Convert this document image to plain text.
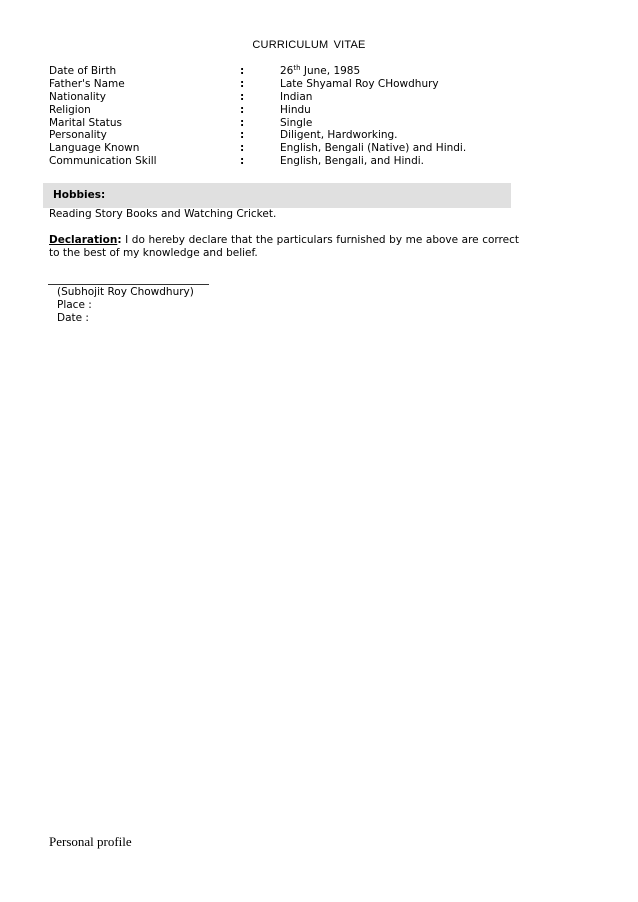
CURRICULUM VITAE
Date of Birth	:	26th June, 1985
Father's Name	:	Late Shyamal Roy CHowdhury
Nationality	:	Indian
Religion	:	Hindu
Marital Status	:	Single
Personality	:	Diligent, Hardworking.
Language Known	:	English, Bengali (Native) and Hindi.
Communication Skill	:	English, Bengali, and Hindi.
Hobbies:
Reading Story Books and Watching Cricket.
Declaration: I do hereby declare that the particulars furnished by me above are correct to the best of my knowledge and belief.
(Subhojit Roy Chowdhury)
Place :
Date :
Personal profile
